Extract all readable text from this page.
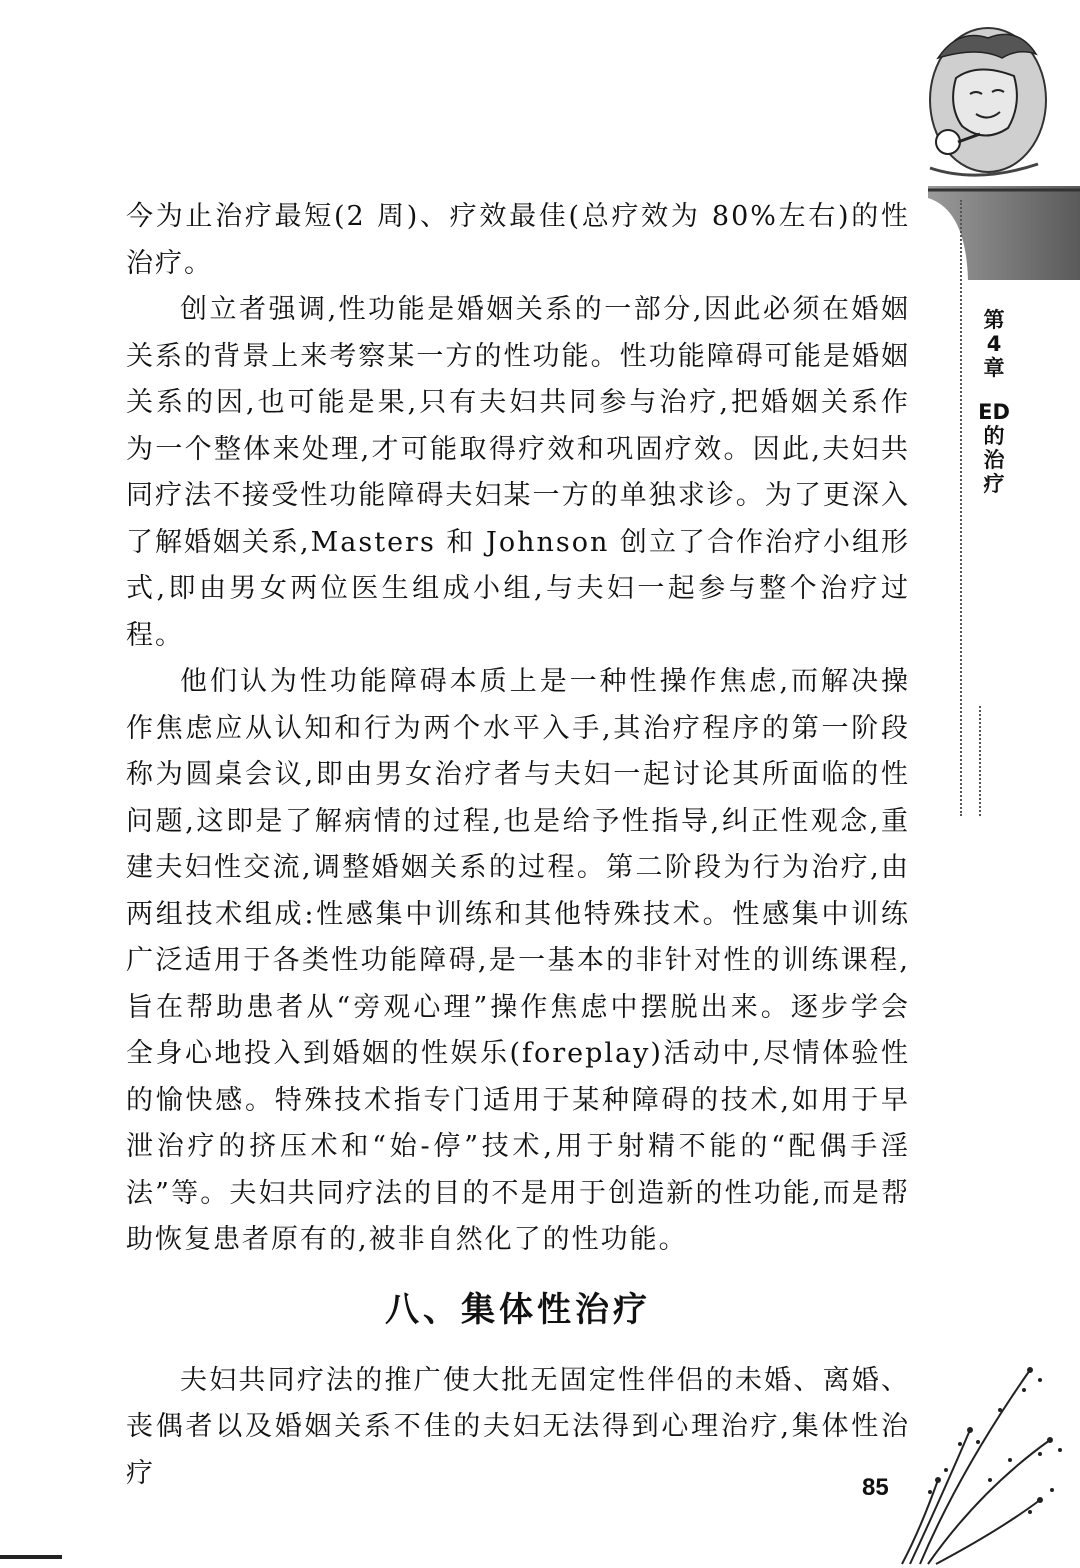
第
4
章
ED
的
治
疗

今为止治疗最短(2 周)、疗效最佳(总疗效为 80%左右)的性治疗。

创立者强调,性功能是婚姻关系的一部分,因此必须在婚姻关系的背景上来考察某一方的性功能。性功能障碍可能是婚姻关系的因,也可能是果,只有夫妇共同参与治疗,把婚姻关系作为一个整体来处理,才可能取得疗效和巩固疗效。因此,夫妇共同疗法不接受性功能障碍夫妇某一方的单独求诊。为了更深入了解婚姻关系,Masters 和 Johnson 创立了合作治疗小组形式,即由男女两位医生组成小组,与夫妇一起参与整个治疗过程。

他们认为性功能障碍本质上是一种性操作焦虑,而解决操作焦虑应从认知和行为两个水平入手,其治疗程序的第一阶段称为圆桌会议,即由男女治疗者与夫妇一起讨论其所面临的性问题,这即是了解病情的过程,也是给予性指导,纠正性观念,重建夫妇性交流,调整婚姻关系的过程。第二阶段为行为治疗,由两组技术组成:性感集中训练和其他特殊技术。性感集中训练广泛适用于各类性功能障碍,是一基本的非针对性的训练课程,旨在帮助患者从“旁观心理”操作焦虑中摆脱出来。逐步学会全身心地投入到婚姻的性娱乐(foreplay)活动中,尽情体验性的愉快感。特殊技术指专门适用于某种障碍的技术,如用于早泄治疗的挤压术和“始-停”技术,用于射精不能的“配偶手淫法”等。夫妇共同疗法的目的不是用于创造新的性功能,而是帮助恢复患者原有的,被非自然化了的性功能。

八、集体性治疗

夫妇共同疗法的推广使大批无固定性伴侣的未婚、离婚、丧偶者以及婚姻关系不佳的夫妇无法得到心理治疗,集体性治疗	85
